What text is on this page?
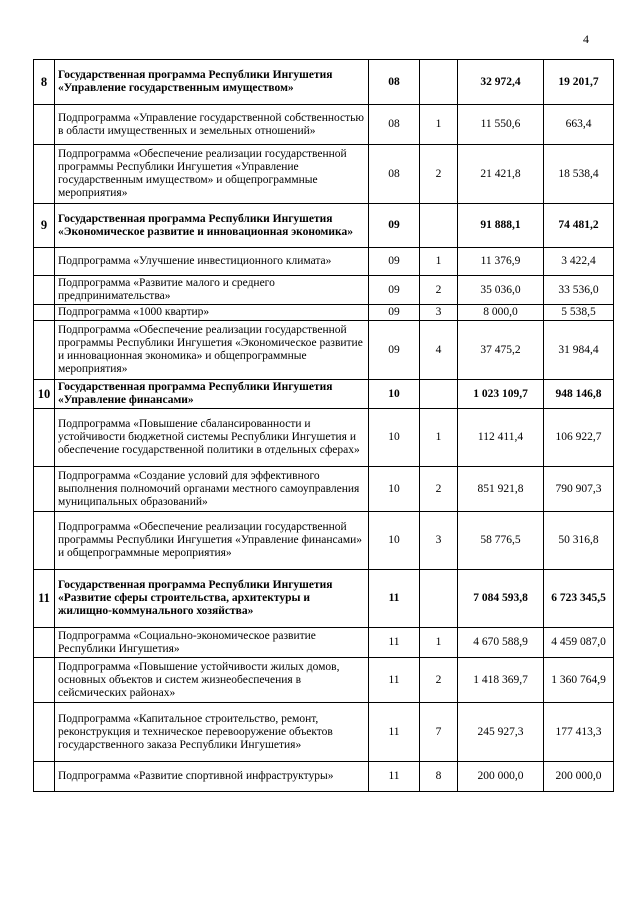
4
8	Государственная программа Республики Ингушетия «Управление государственным имуществом»	08		32 972,4	19 201,7
	Подпрограмма «Управление государственной собственностью в области имущественных и земельных отношений»	08	1	11 550,6	663,4
	Подпрограмма «Обеспечение реализации государственной программы Республики Ингушетия «Управление государственным имуществом» и общепрограммные мероприятия»	08	2	21 421,8	18 538,4
9	Государственная программа Республики Ингушетия «Экономическое развитие и инновационная экономика»	09		91 888,1	74 481,2
	Подпрограмма «Улучшение инвестиционного климата»	09	1	11 376,9	3 422,4
	Подпрограмма «Развитие малого и среднего предпринимательства»	09	2	35 036,0	33 536,0
	Подпрограмма «1000 квартир»	09	3	8 000,0	5 538,5
	Подпрограмма «Обеспечение реализации государственной программы Республики Ингушетия «Экономическое развитие и инновационная экономика» и общепрограммные мероприятия»	09	4	37 475,2	31 984,4
10	Государственная программа Республики Ингушетия «Управление финансами»	10		1 023 109,7	948 146,8
	Подпрограмма «Повышение сбалансированности и устойчивости бюджетной системы Республики Ингушетия и обеспечение государственной политики в отдельных сферах»	10	1	112 411,4	106 922,7
	Подпрограмма «Создание условий для эффективного выполнения полномочий органами местного самоуправления муниципальных образований»	10	2	851 921,8	790 907,3
	Подпрограмма «Обеспечение реализации государственной программы Республики Ингушетия «Управление финансами» и общепрограммные мероприятия»	10	3	58 776,5	50 316,8
11	Государственная программа Республики Ингушетия «Развитие сферы строительства, архитектуры и жилищно-коммунального хозяйства»	11		7 084 593,8	6 723 345,5
	Подпрограмма «Социально-экономическое развитие Республики Ингушетия»	11	1	4 670 588,9	4 459 087,0
	Подпрограмма «Повышение устойчивости жилых домов, основных объектов и систем жизнеобеспечения в сейсмических районах»	11	2	1 418 369,7	1 360 764,9
	Подпрограмма «Капитальное строительство, ремонт, реконструкция и техническое перевооружение объектов государственного заказа Республики Ингушетия»	11	7	245 927,3	177 413,3
	Подпрограмма «Развитие спортивной инфраструктуры»	11	8	200 000,0	200 000,0
